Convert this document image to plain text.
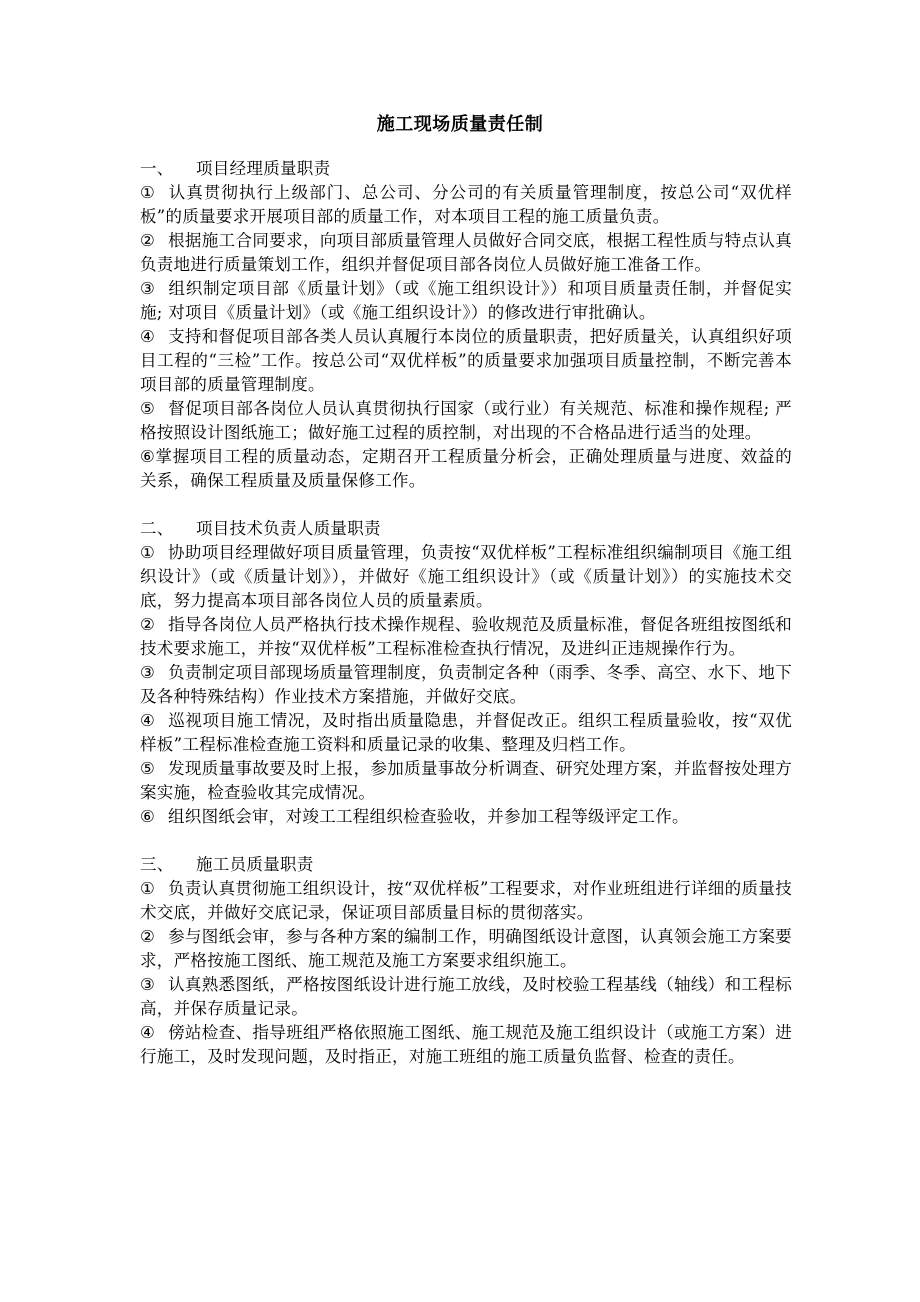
施工现场质量责任制
一、	项目经理质量职责

① 认真贯彻执行上级部门、总公司、分公司的有关质量管理制度，按总公司“双优样板”的质量要求开展项目部的质量工作，对本项目工程的施工质量负责。

② 根据施工合同要求，向项目部质量管理人员做好合同交底，根据工程性质与特点认真负责地进行质量策划工作，组织并督促项目部各岗位人员做好施工准备工作。

③ 组织制定项目部《质量计划》（或《施工组织设计》）和项目质量责任制，并督促实施; 对项目《质量计划》（或《施工组织设计》）的修改进行审批确认。

④ 支持和督促项目部各类人员认真履行本岗位的质量职责，把好质量关，认真组织好项目工程的“三检”工作。按总公司“双优样板”的质量要求加强项目质量控制，不断完善本项目部的质量管理制度。

⑤ 督促项目部各岗位人员认真贯彻执行国家（或行业）有关规范、标准和操作规程; 严格按照设计图纸施工；做好施工过程的质控制，对出现的不合格品进行适当的处理。

⑥掌握项目工程的质量动态，定期召开工程质量分析会，正确处理质量与进度、效益的关系，确保工程质量及质量保修工作。

二、	项目技术负责人质量职责

① 协助项目经理做好项目质量管理，负责按“双优样板”工程标准组织编制项目《施工组织设计》（或《质量计划》），并做好《施工组织设计》（或《质量计划》）的实施技术交底，努力提高本项目部各岗位人员的质量素质。

② 指导各岗位人员严格执行技术操作规程、验收规范及质量标准，督促各班组按图纸和技术要求施工，并按“双优样板”工程标准检查执行情况，及进纠正违规操作行为。

③ 负责制定项目部现场质量管理制度，负责制定各种（雨季、冬季、高空、水下、地下及各种特殊结构）作业技术方案措施，并做好交底。

④ 巡视项目施工情况，及时指出质量隐患，并督促改正。组织工程质量验收，按“双优样板”工程标准检查施工资料和质量记录的收集、整理及归档工作。

⑤ 发现质量事故要及时上报，参加质量事故分析调查、研究处理方案，并监督按处理方案实施，检查验收其完成情况。

⑥ 组织图纸会审，对竣工工程组织检查验收，并参加工程等级评定工作。

三、	施工员质量职责

① 负责认真贯彻施工组织设计，按“双优样板”工程要求，对作业班组进行详细的质量技术交底，并做好交底记录，保证项目部质量目标的贯彻落实。

② 参与图纸会审，参与各种方案的编制工作，明确图纸设计意图，认真领会施工方案要求，严格按施工图纸、施工规范及施工方案要求组织施工。

③ 认真熟悉图纸，严格按图纸设计进行施工放线，及时校验工程基线（轴线）和工程标高，并保存质量记录。

④ 傍站检查、指导班组严格依照施工图纸、施工规范及施工组织设计（或施工方案）进行施工，及时发现问题，及时指正，对施工班组的施工质量负监督、检查的责任。
